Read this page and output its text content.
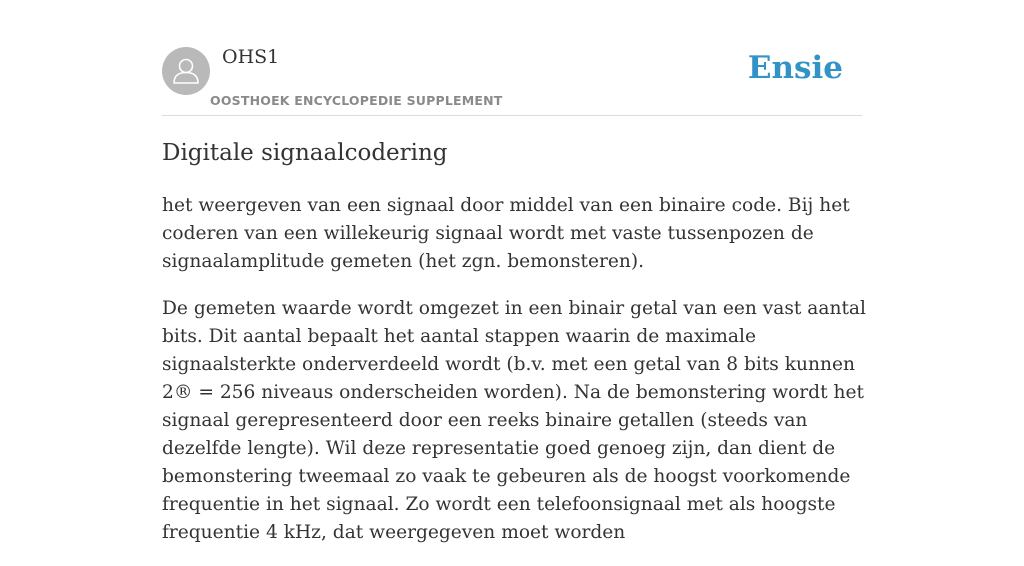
OHS1
OOSTHOEK ENCYCLOPEDIE SUPPLEMENT
Ensie
Digitale signaalcodering

het weergeven van een signaal door middel van een binaire code. Bij het coderen van een willekeurig signaal wordt met vaste tussenpozen de signaalamplitude gemeten (het zgn. bemonsteren).

De gemeten waarde wordt omgezet in een binair getal van een vast aantal bits. Dit aantal bepaalt het aantal stappen waarin de maximale signaalsterkte onderverdeeld wordt (b.v. met een getal van 8 bits kunnen 2® = 256 niveaus onderscheiden worden). Na de bemonstering wordt het signaal gerepresenteerd door een reeks binaire getallen (steeds van dezelfde lengte). Wil deze representatie goed genoeg zijn, dan dient de bemonstering tweemaal zo vaak te gebeuren als de hoogst voorkomende frequentie in het signaal. Zo wordt een telefoonsignaal met als hoogste frequentie 4 kHz, dat weergegeven moet worden
